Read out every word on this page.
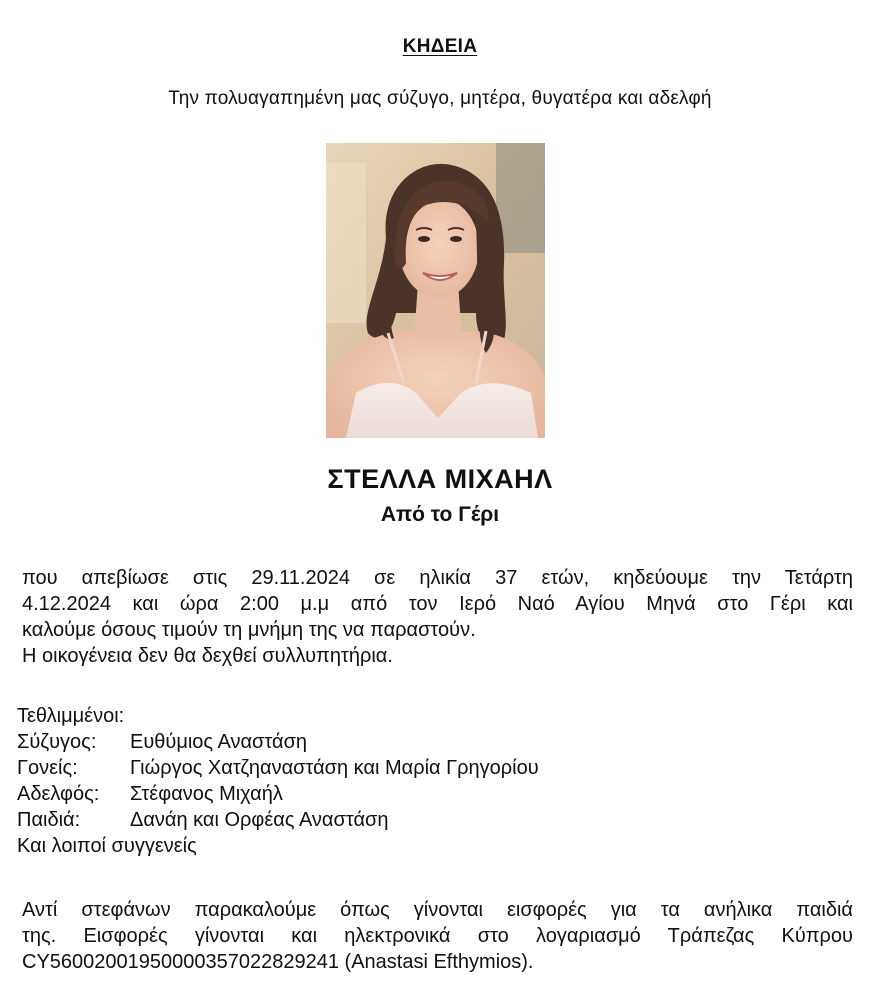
ΚΗΔΕΙΑ
Την πολυαγαπημένη μας σύζυγο, μητέρα, θυγατέρα και αδελφή
ΣΤΕΛΛΑ ΜΙΧΑΗΛ
Από το Γέρι
που απεβίωσε στις 29.11.2024 σε ηλικία 37 ετών, κηδεύουμε την Τετάρτη
4.12.2024 και ώρα 2:00 μ.μ από τον Ιερό Ναό Αγίου Μηνά στο Γέρι και
καλούμε όσους τιμούν τη μνήμη της να παραστούν.
Η οικογένεια δεν θα δεχθεί συλλυπητήρια.
Τεθλιμμένοι:
Σύζυγος:	Ευθύμιος Αναστάση
Γονείς:	Γιώργος Χατζηαναστάση και Μαρία Γρηγορίου
Αδελφός:	Στέφανος Μιχαήλ
Παιδιά:	Δανάη και Ορφέας Αναστάση
Και λοιποί συγγενείς
Αντί στεφάνων παρακαλούμε όπως γίνονται εισφορές για τα ανήλικα παιδιά
της. Εισφορές γίνονται και ηλεκτρονικά στο λογαριασμό Τράπεζας Κύπρου
CY56002001950000357022829241 (Anastasi Efthymios).
